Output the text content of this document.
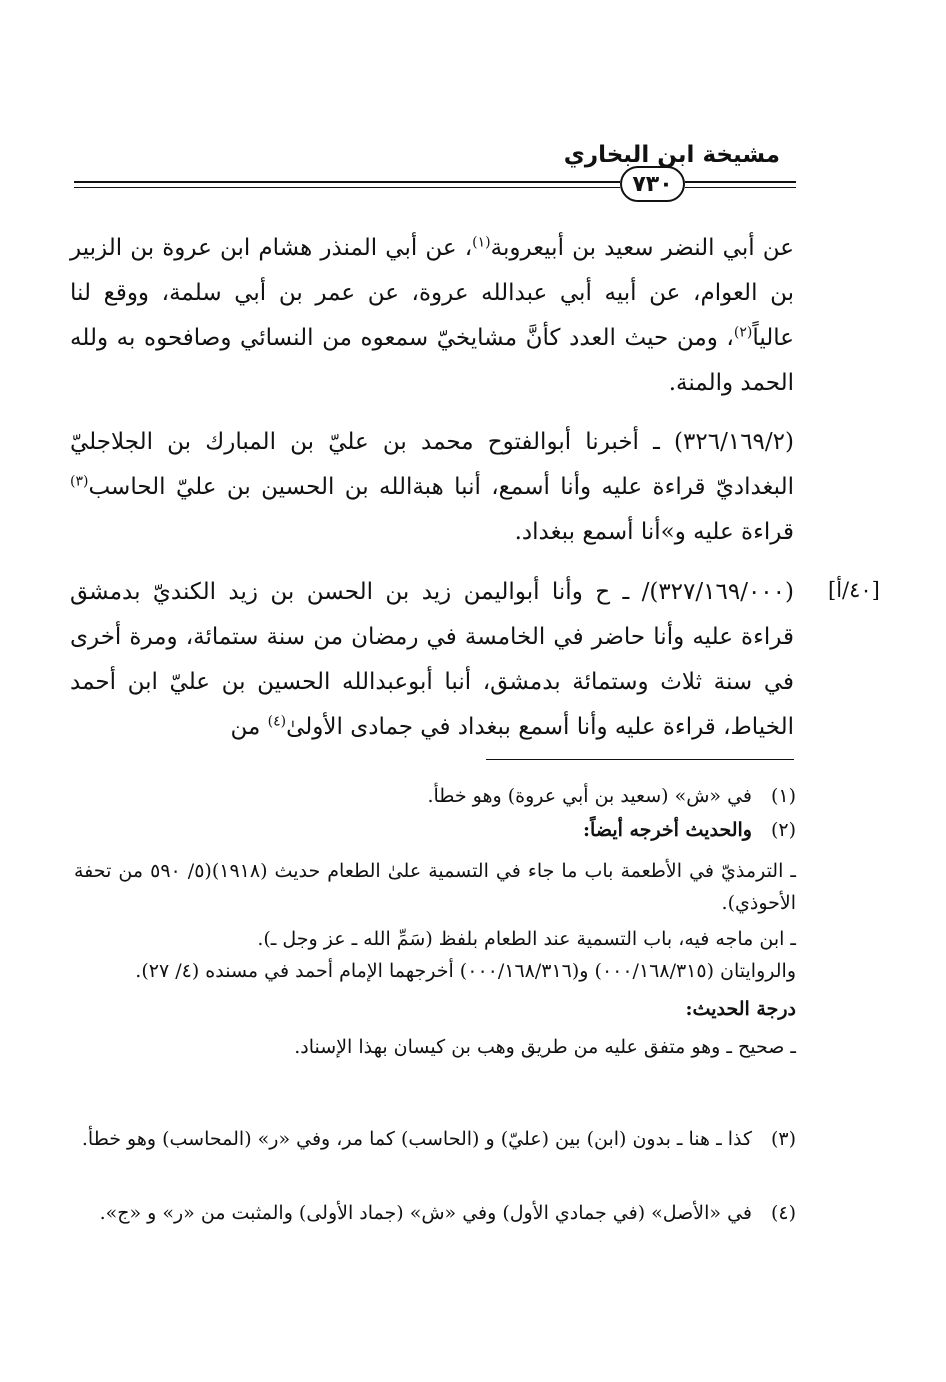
مشيخة ابن البخاري
٧٣٠
عن أبي النضر سعيد بن أبيعروبة$^{(١)}$، عن أبي المنذر هشام ابن عروة بن الزبير بن العوام، عن أبيه أبي عبدالله عروة، عن عمر بن أبي سلمة، ووقع لنا عالياً$^{(٢)}$، ومن حيث العدد كأنَّ مشايخيّ سمعوه من النسائي وصافحوه به ولله الحمد والمنة.
(٣٢٦/١٦٩/٢) ـ أخبرنا أبوالفتوح محمد بن عليّ بن المبارك بن الجلاجليّ البغداديّ قراءة عليه وأنا أسمع، أنبا هبةالله بن الحسين بن عليّ الحاسب$^{(٣)}$ قراءة عليه و»أنا أسمع ببغداد.
[٤٠/أ]
(٣٢٧/١٦٩/٠٠٠)/ ـ ح وأنا أبواليمن زيد بن الحسن بن زيد الكنديّ بدمشق قراءة عليه وأنا حاضر في الخامسة في رمضان من سنة ستمائة، ومرة أخرى في سنة ثلاث وستمائة بدمشق، أنبا أبوعبدالله الحسين بن عليّ ابن أحمد الخياط، قراءة عليه وأنا أسمع ببغداد في جمادى الأولىٰ$^{(٤)}$ من
(١)
في «ش» (سعيد بن أبي عروة) وهو خطأ.
(٢)
والحديث أخرجه أيضاً:
ـ الترمذيّ في الأطعمة باب ما جاء في التسمية علىٰ الطعام حديث (١٩١٨)(٥/ ٥٩٠ من تحفة الأحوذي).
ـ ابن ماجه فيه، باب التسمية عند الطعام بلفظ (سَمِّ الله ـ عز وجل ـ).
والروايتان (٠٠٠/١٦٨/٣١٥) و(٠٠٠/١٦٨/٣١٦) أخرجهما الإمام أحمد في مسنده (٤/ ٢٧).
درجة الحديث:
ـ صحيح ـ وهو متفق عليه من طريق وهب بن كيسان بهذا الإسناد.
(٣)
كذا ـ هنا ـ بدون (ابن) بين (عليّ) و (الحاسب) كما مر، وفي «ر» (المحاسب) وهو خطأ.
(٤)
في «الأصل» (في جمادي الأول) وفي «ش» (جماد الأولى) والمثبت من «ر» و «ج».
